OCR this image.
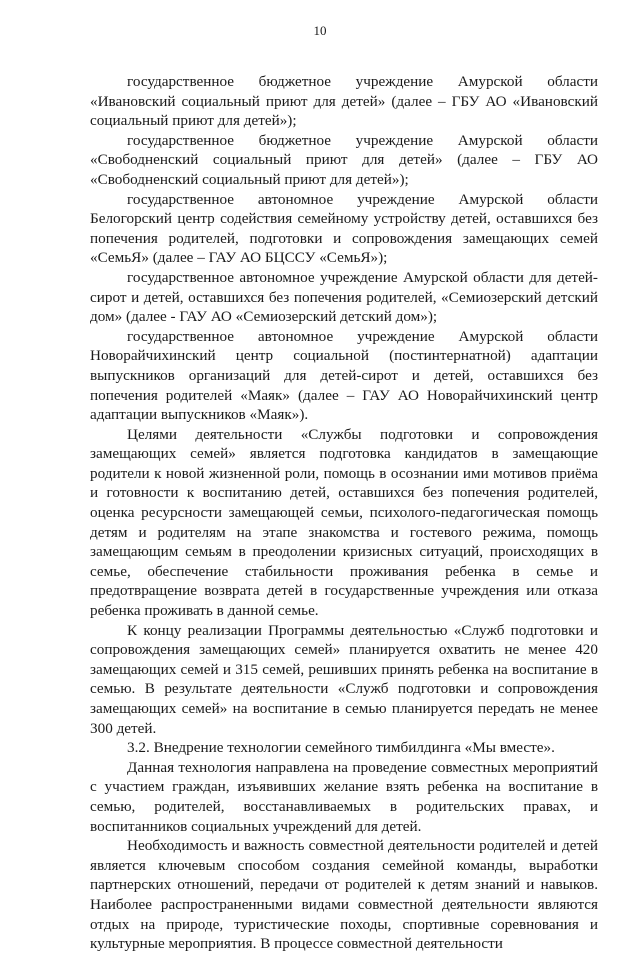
10

государственное бюджетное учреждение Амурской области «Ивановский социальный приют для детей» (далее – ГБУ АО «Ивановский социальный приют для детей»);

государственное бюджетное учреждение Амурской области «Свободненский социальный приют для детей» (далее – ГБУ АО «Свободненский социальный приют для детей»);

государственное автономное учреждение Амурской области Белогорский центр содействия семейному устройству детей, оставшихся без попечения родителей, подготовки и сопровождения замещающих семей «СемьЯ» (далее – ГАУ АО БЦССУ «СемьЯ»);

государственное автономное учреждение Амурской области для детей-сирот и детей, оставшихся без попечения родителей, «Семиозерский детский дом» (далее - ГАУ АО «Семиозерский детский дом»);

государственное автономное учреждение Амурской области Новорайчихинский центр социальной (постинтернатной) адаптации выпускников организаций для детей-сирот и детей, оставшихся без попечения родителей «Маяк» (далее – ГАУ АО Новорайчихинский центр адаптации выпускников «Маяк»).

Целями деятельности «Службы подготовки и сопровождения замещающих семей» является подготовка кандидатов в замещающие родители к новой жизненной роли, помощь в осознании ими мотивов приёма и готовности к воспитанию детей, оставшихся без попечения родителей, оценка ресурсности замещающей семьи, психолого-педагогическая помощь детям и родителям на этапе знакомства и гостевого режима, помощь замещающим семьям в преодолении кризисных ситуаций, происходящих в семье, обеспечение стабильности проживания ребенка в семье и предотвращение возврата детей в государственные учреждения или отказа ребенка проживать в данной семье.

К концу реализации Программы деятельностью «Служб подготовки и сопровождения замещающих семей» планируется охватить не менее 420 замещающих семей и 315 семей, решивших принять ребенка на воспитание в семью. В результате деятельности «Служб подготовки и сопровождения замещающих семей» на воспитание в семью планируется передать не менее 300 детей.

3.2. Внедрение технологии семейного тимбилдинга «Мы вместе».

Данная технология направлена на проведение совместных мероприятий с участием граждан, изъявивших желание взять ребенка на воспитание в семью, родителей, восстанавливаемых в родительских правах, и воспитанников социальных учреждений для детей.

Необходимость и важность совместной деятельности родителей и детей является ключевым способом создания семейной команды, выработки партнерских отношений, передачи от родителей к детям знаний и навыков. Наиболее распространенными видами совместной деятельности являются отдых на природе, туристические походы, спортивные соревнования и культурные мероприятия. В процессе совместной деятельности
